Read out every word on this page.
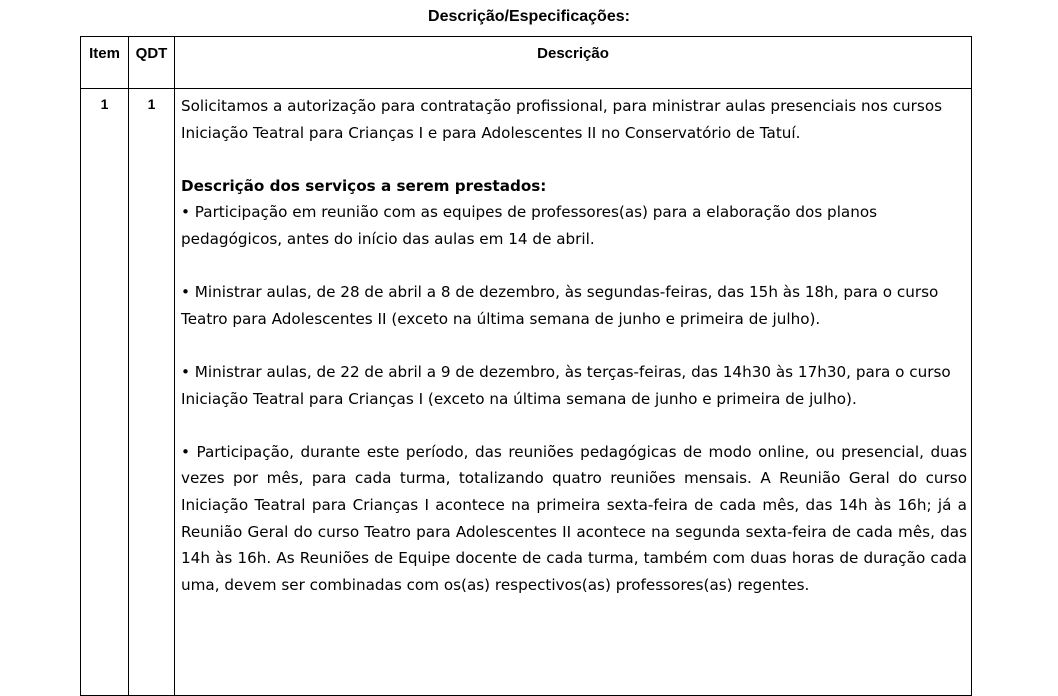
Descrição/Especificações:
Item	QDT	Descrição
1	1	Solicitamos a autorização para contratação profissional, para ministrar aulas presenciais nos cursos Iniciação Teatral para Crianças I e para Adolescentes II no Conservatório de Tatuí.

Descrição dos serviços a serem prestados:

• Participação em reunião com as equipes de professores(as) para a elaboração dos planos pedagógicos, antes do início das aulas em 14 de abril.

• Ministrar aulas, de 28 de abril a 8 de dezembro, às segundas-feiras, das 15h às 18h, para o curso Teatro para Adolescentes II (exceto na última semana de junho e primeira de julho).

• Ministrar aulas, de 22 de abril a 9 de dezembro, às terças-feiras, das 14h30 às 17h30, para o curso Iniciação Teatral para Crianças I (exceto na última semana de junho e primeira de julho).

• Participação, durante este período, das reuniões pedagógicas de modo online, ou presencial, duas vezes por mês, para cada turma, totalizando quatro reuniões mensais. A Reunião Geral do curso Iniciação Teatral para Crianças I acontece na primeira sexta-feira de cada mês, das 14h às 16h; já a Reunião Geral do curso Teatro para Adolescentes II acontece na segunda sexta-feira de cada mês, das 14h às 16h. As Reuniões de Equipe docente de cada turma, também com duas horas de duração cada uma, devem ser combinadas com os(as) respectivos(as) professores(as) regentes.
